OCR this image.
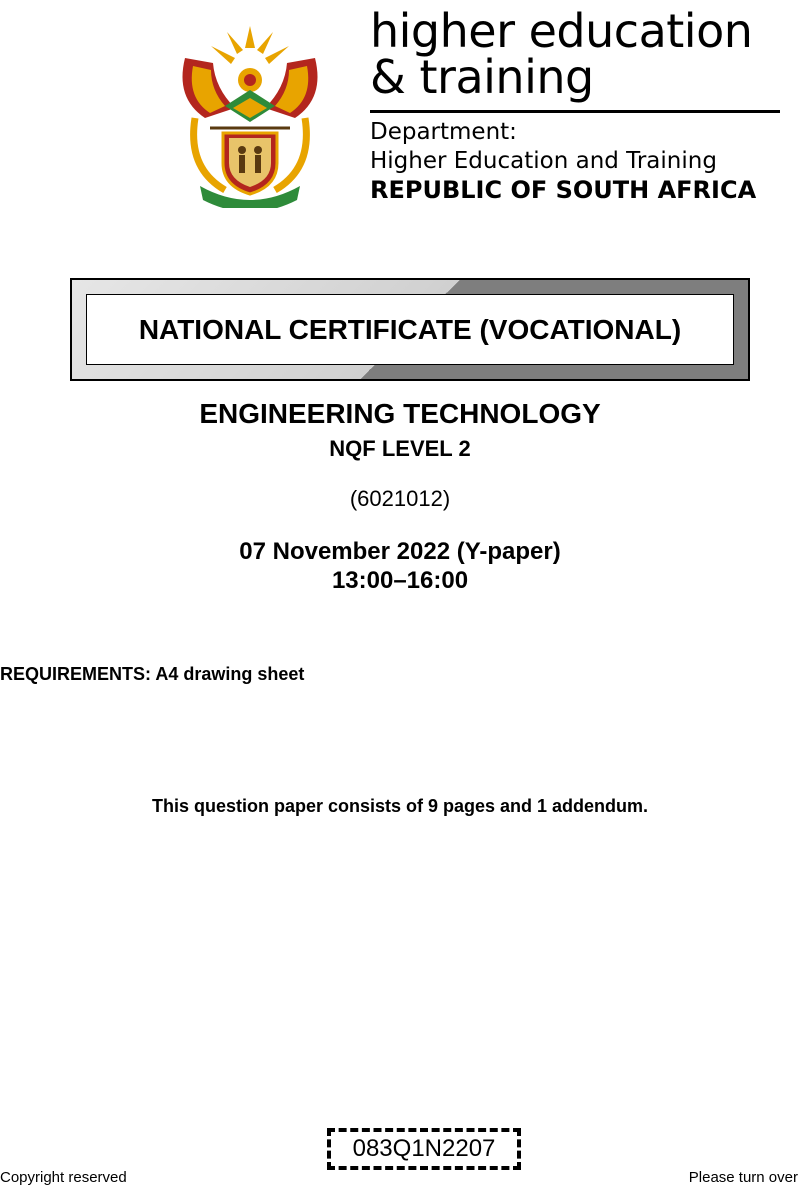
higher education
& training
Department:
Higher Education and Training
REPUBLIC OF SOUTH AFRICA
NATIONAL CERTIFICATE (VOCATIONAL)
ENGINEERING TECHNOLOGY
NQF LEVEL 2
(6021012)
07 November 2022 (Y-paper)
13:00–16:00
REQUIREMENTS: A4 drawing sheet
This question paper consists of 9 pages and 1 addendum.
083Q1N2207
Copyright reserved	Please turn over
